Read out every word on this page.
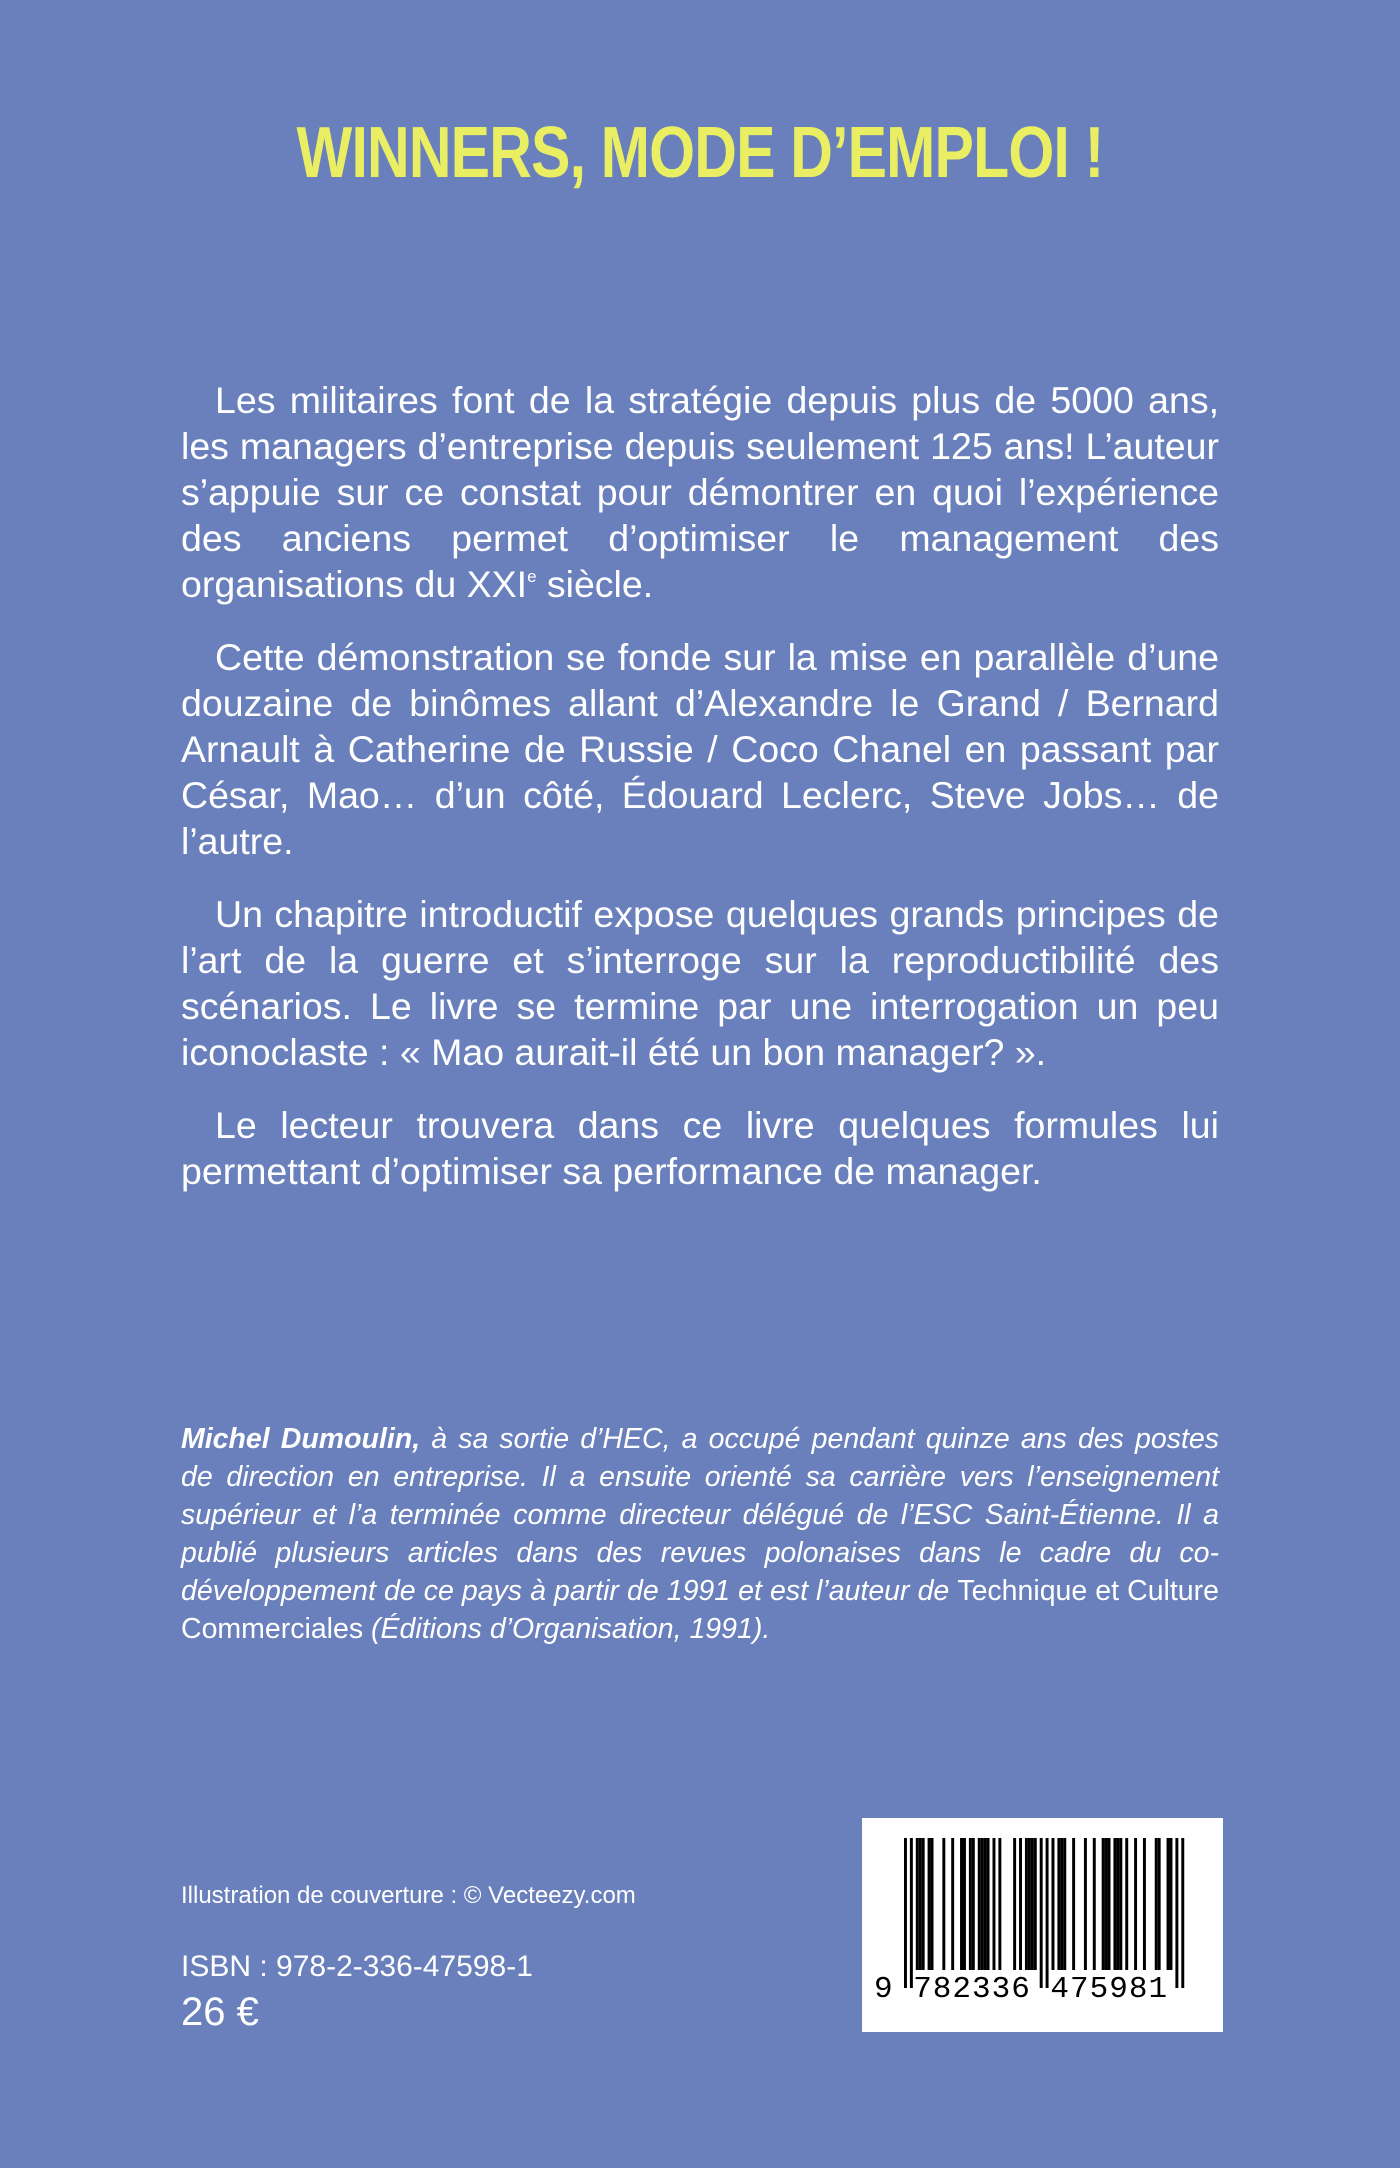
WINNERS, MODE D’EMPLOI !

Les militaires font de la stratégie depuis plus de 5000 ans, les managers d’entreprise depuis seulement 125 ans! L’auteur s’appuie sur ce constat pour démontrer en quoi l’expérience des anciens permet d’optimiser le management des organisations du XXIe siècle.

Cette démonstration se fonde sur la mise en parallèle d’une douzaine de binômes allant d’Alexandre le Grand / Bernard Arnault à Catherine de Russie / Coco Chanel en passant par César, Mao… d’un côté, Édouard Leclerc, Steve Jobs… de l’autre.

Un chapitre introductif expose quelques grands principes de l’art de la guerre et s’interroge sur la reproductibilité des scénarios. Le livre se termine par une interrogation un peu iconoclaste : « Mao aurait-il été un bon manager? ».

Le lecteur trouvera dans ce livre quelques formules lui permettant d’optimiser sa performance de manager.

Michel Dumoulin, à sa sortie d’HEC, a occupé pendant quinze ans des postes de direction en entreprise. Il a ensuite orienté sa carrière vers l’enseignement supérieur et l’a terminée comme directeur délégué de l’ESC Saint-Étienne. Il a publié plusieurs articles dans des revues polonaises dans le cadre du co-développement de ce pays à partir de 1991 et est l’auteur de Technique et Culture Commerciales (Éditions d’Organisation, 1991).
Illustration de couverture : © Vecteezy.com
ISBN : 978-2-336-47598-1
26 €
9 782336 475981
